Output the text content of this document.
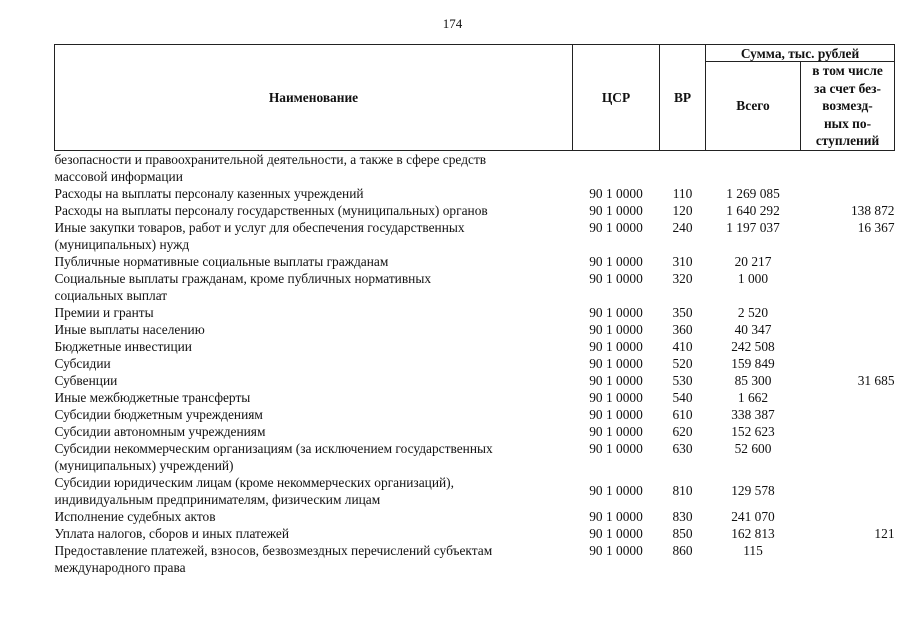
174
Наименование	ЦСР	ВР	Сумма, тыс. рублей	
			Всего	в том числе
за счет без-
возмезд-
ных по-
ступлений
безопасности и правоохранительной деятельности, а также в сфере средств
массовой информации				
Расходы на выплаты персоналу казенных учреждений	90 1 0000	110	1 269 085	
Расходы на выплаты персоналу государственных (муниципальных) органов	90 1 0000	120	1 640 292	138 872
Иные закупки товаров, работ и услуг для обеспечения государственных
(муниципальных) нужд	90 1 0000	240	1 197 037	16 367
Публичные нормативные социальные выплаты гражданам	90 1 0000	310	20 217	
Социальные выплаты гражданам, кроме публичных нормативных
социальных выплат	90 1 0000	320	1 000	
Премии и гранты	90 1 0000	350	2 520	
Иные выплаты населению	90 1 0000	360	40 347	
Бюджетные инвестиции	90 1 0000	410	242 508	
Субсидии	90 1 0000	520	159 849	
Субвенции	90 1 0000	530	85 300	31 685
Иные межбюджетные трансферты	90 1 0000	540	1 662	
Субсидии бюджетным учреждениям	90 1 0000	610	338 387	
Субсидии автономным учреждениям	90 1 0000	620	152 623	
Субсидии некоммерческим организациям (за исключением государственных
(муниципальных) учреждений)	90 1 0000	630	52 600	
Субсидии юридическим лицам (кроме некоммерческих организаций),
индивидуальным предпринимателям, физическим лицам	90 1 0000	810	129 578	
Исполнение судебных актов	90 1 0000	830	241 070	
Уплата налогов, сборов и иных платежей	90 1 0000	850	162 813	121
Предоставление платежей, взносов, безвозмездных перечислений субъектам
международного права	90 1 0000	860	115	
